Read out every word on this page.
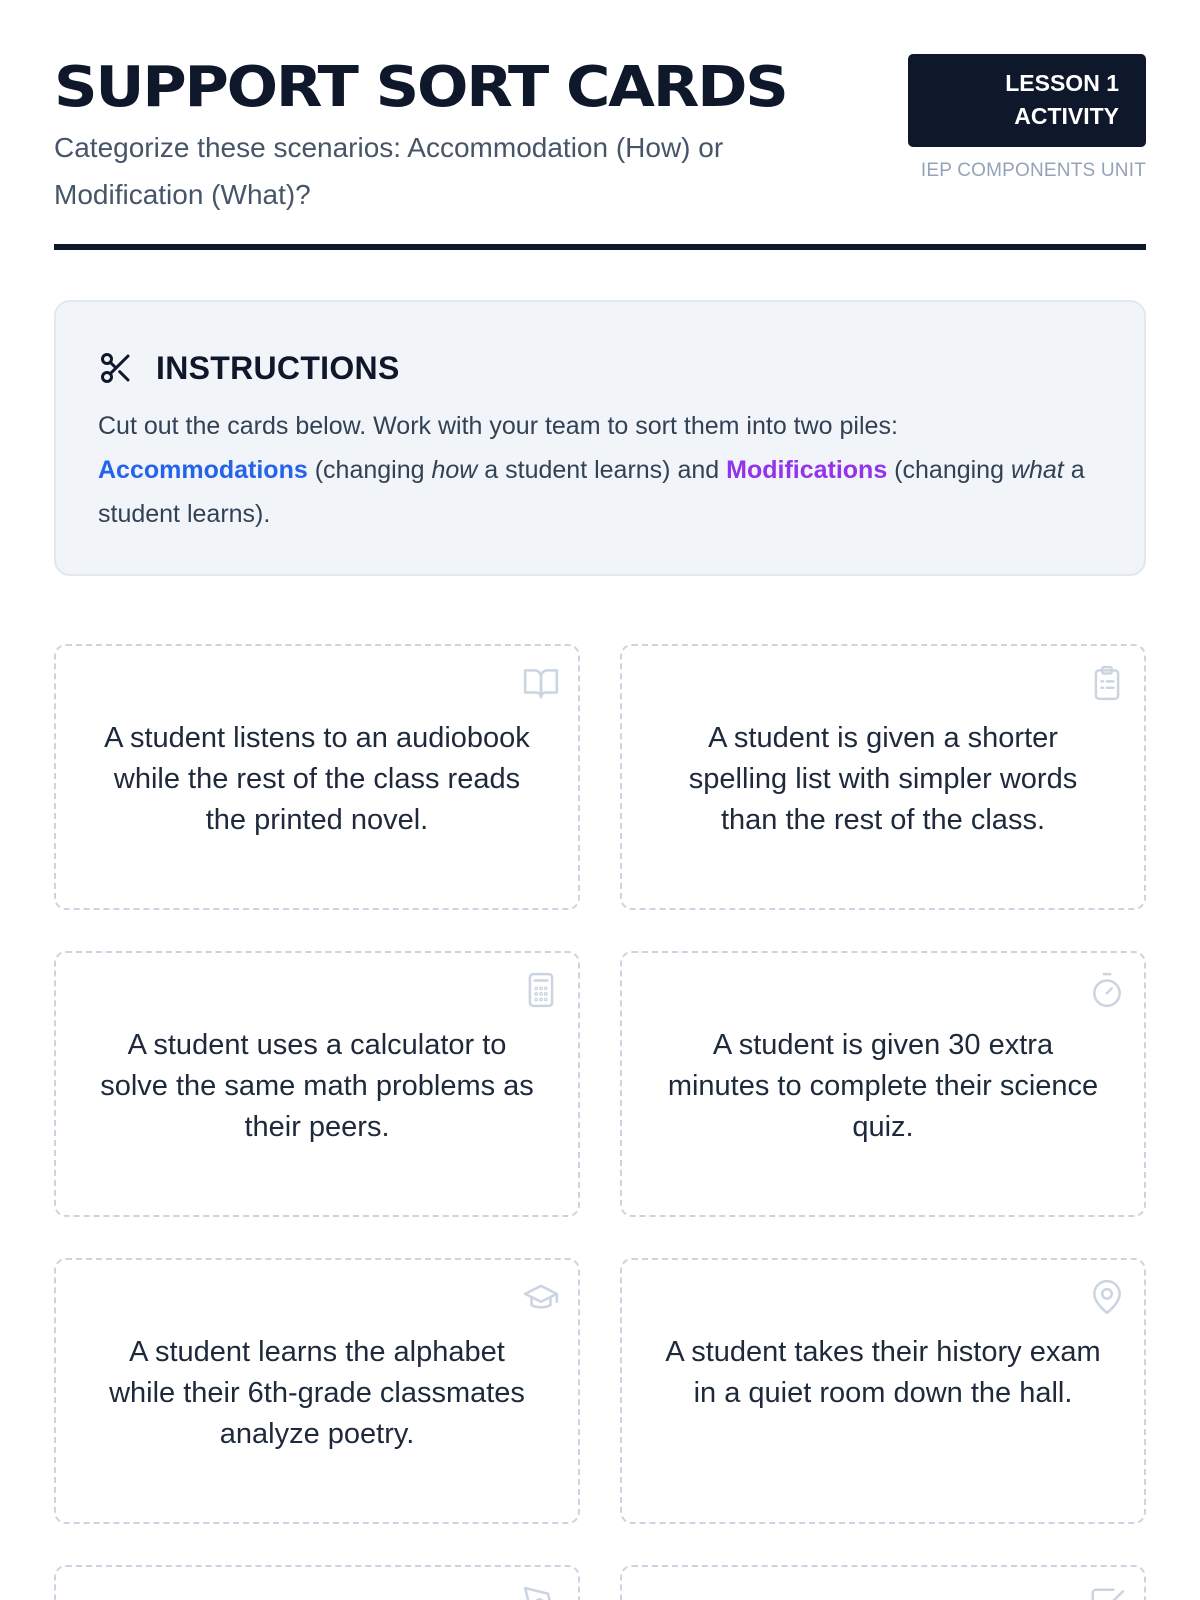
SUPPORT SORT CARDS
Categorize these scenarios: Accommodation (How) or Modification (What)?
LESSON 1
ACTIVITY
IEP COMPONENTS UNIT
INSTRUCTIONS

Cut out the cards below. Work with your team to sort them into two piles: Accommodations (changing how a student learns) and Modifications (changing what a student learns).

A student listens to an audiobook while the rest of the class reads the printed novel.
A student is given a shorter spelling list with simpler words than the rest of the class.
A student uses a calculator to solve the same math problems as their peers.
A student is given 30 extra minutes to complete their science quiz.
A student learns the alphabet while their 6th-grade classmates analyze poetry.
A student takes their history exam in a quiet room down the hall.
